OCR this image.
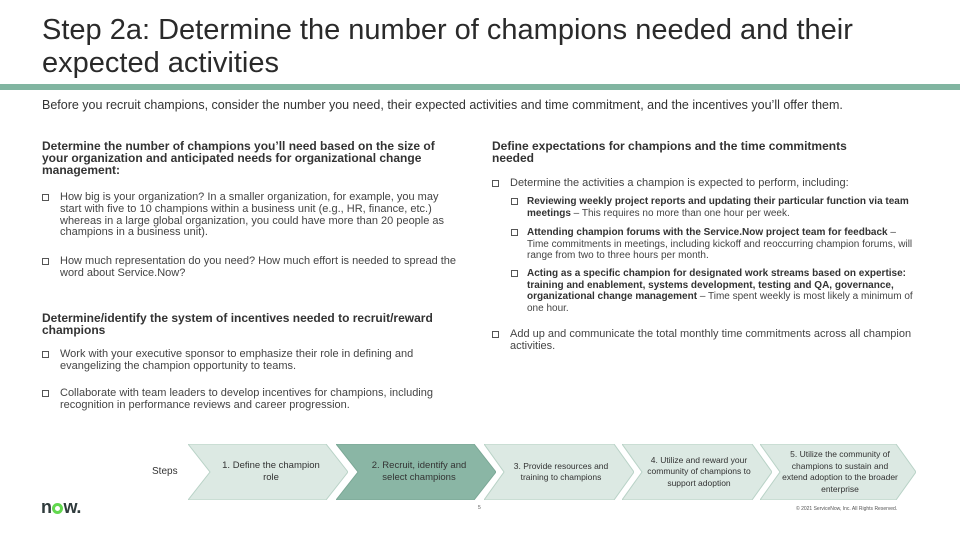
Step 2a: Determine the number of champions needed and their expected activities
Before you recruit champions, consider the number you need, their expected activities and time commitment, and the incentives you’ll offer them.
Determine the number of champions you’ll need based on the size of your organization and anticipated needs for organizational change management:
How big is your organization? In a smaller organization, for example, you may start with five to 10 champions within a business unit (e.g., HR, finance, etc.) whereas in a large global organization, you could have more than 20 people as champions in a business unit).
How much representation do you need? How much effort is needed to spread the word about Service.Now?
Determine/identify the system of incentives needed to recruit/reward champions
Work with your executive sponsor to emphasize their role in defining and evangelizing the champion opportunity to teams.
Collaborate with team leaders to develop incentives for champions, including recognition in performance reviews and career progression.
Define expectations for champions and the time commitments needed
Determine the activities a champion is expected to perform, including:
Reviewing weekly project reports and updating their particular function via team meetings – This requires no more than one hour per week.
Attending champion forums with the Service.Now project team for feedback – Time commitments in meetings, including kickoff and reoccurring champion forums, will range from two to three hours per month.
Acting as a specific champion for designated work streams based on expertise: training and enablement, systems development, testing and QA, governance, organizational change management – Time spent weekly is most likely a minimum of one hour.
Add up and communicate the total monthly time commitments across all champion activities.
Steps
1. Define the champion role
2. Recruit, identify and select champions
3. Provide resources and training to champions
4. Utilize and reward your community of champions to support adoption
5. Utilize the community of champions to sustain and extend adoption to the broader enterprise
n w.	5	© 2021 ServiceNow, Inc. All Rights Reserved.
